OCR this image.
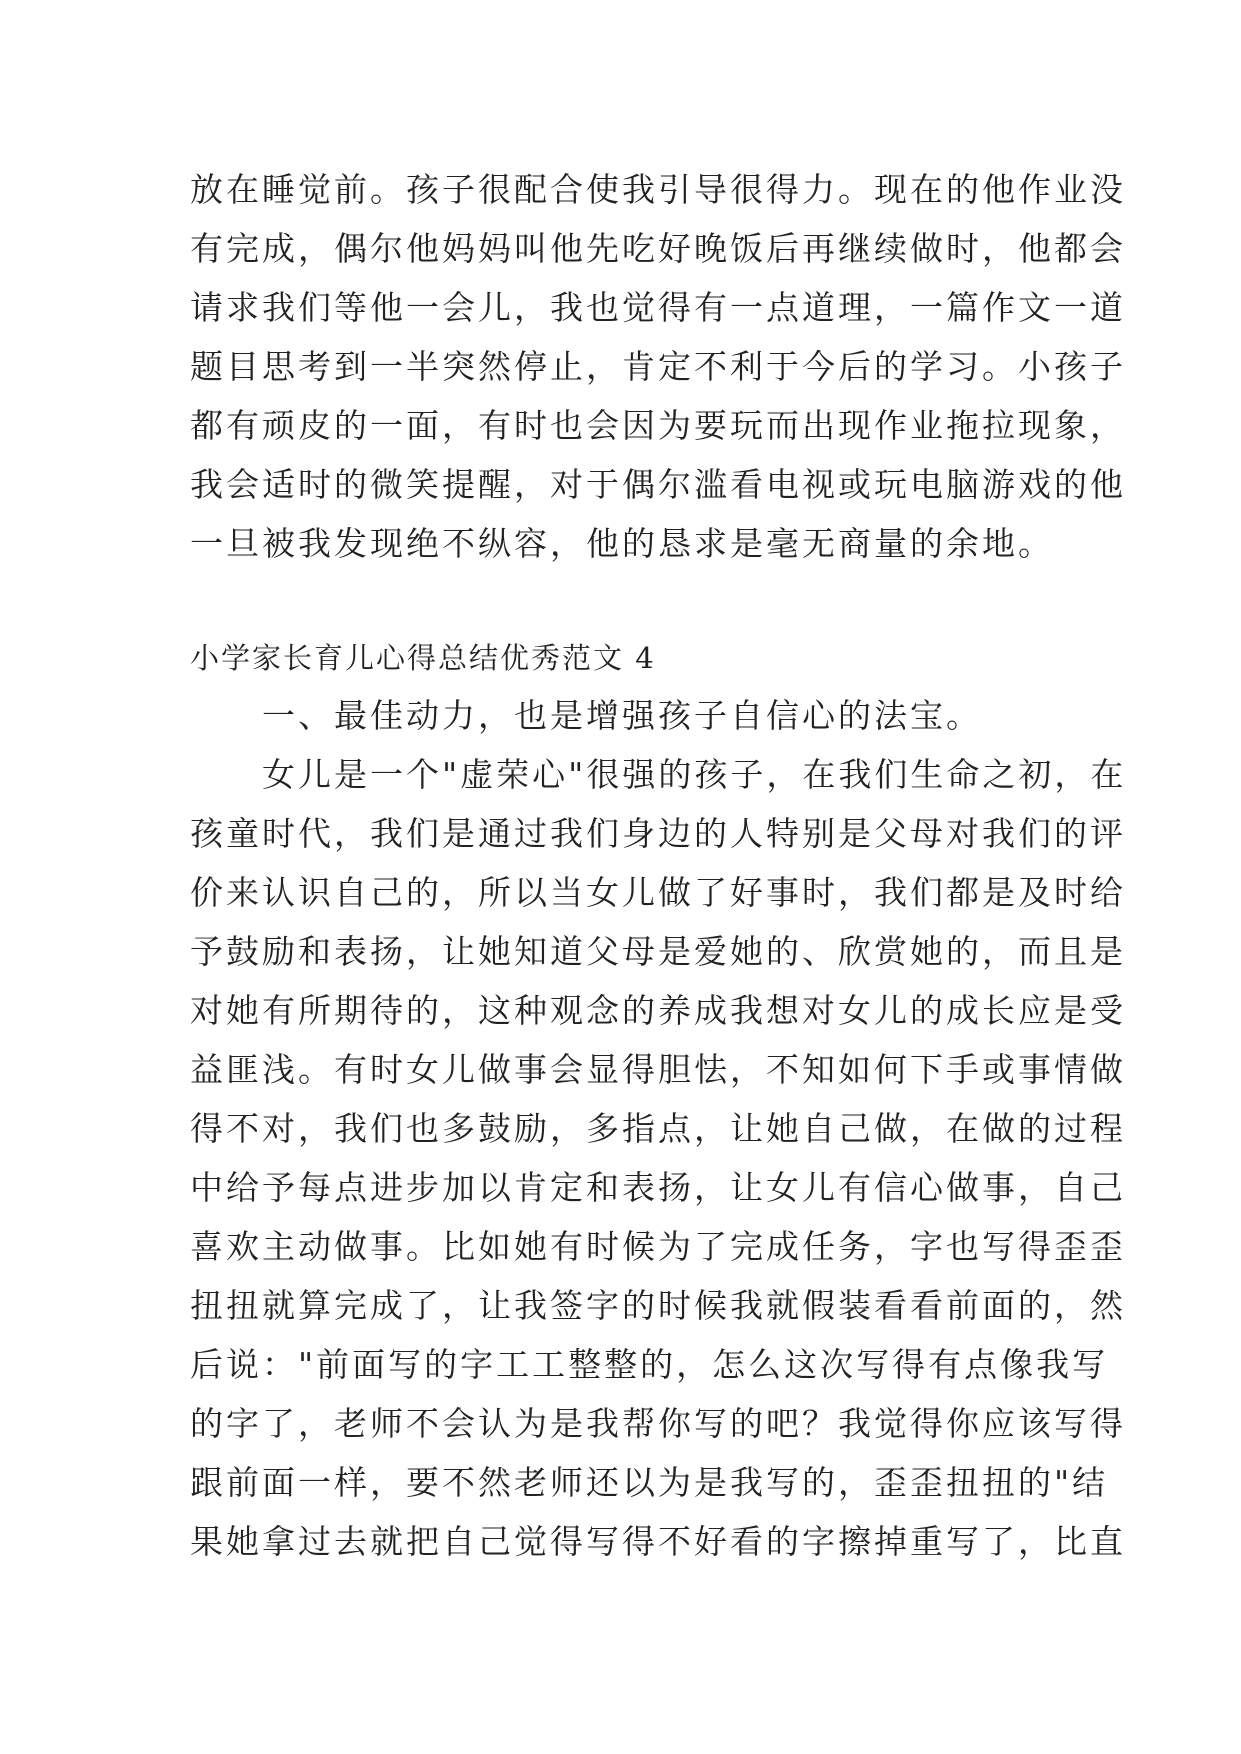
放在睡觉前。孩子很配合使我引导很得力。现在的他作业没
有完成，偶尔他妈妈叫他先吃好晚饭后再继续做时，他都会
请求我们等他一会儿，我也觉得有一点道理，一篇作文一道
题目思考到一半突然停止，肯定不利于今后的学习。小孩子
都有顽皮的一面，有时也会因为要玩而出现作业拖拉现象，
我会适时的微笑提醒，对于偶尔滥看电视或玩电脑游戏的他
一旦被我发现绝不纵容，他的恳求是毫无商量的余地。
小学家长育儿心得总结优秀范文 4
　　一、最佳动力，也是增强孩子自信心的法宝。
　　女儿是一个"虚荣心"很强的孩子，在我们生命之初，在
孩童时代，我们是通过我们身边的人特别是父母对我们的评
价来认识自己的，所以当女儿做了好事时，我们都是及时给
予鼓励和表扬，让她知道父母是爱她的、欣赏她的，而且是
对她有所期待的，这种观念的养成我想对女儿的成长应是受
益匪浅。有时女儿做事会显得胆怯，不知如何下手或事情做
得不对，我们也多鼓励，多指点，让她自己做，在做的过程
中给予每点进步加以肯定和表扬，让女儿有信心做事，自己
喜欢主动做事。比如她有时候为了完成任务，字也写得歪歪
扭扭就算完成了，让我签字的时候我就假装看看前面的，然
后说："前面写的字工工整整的，怎么这次写得有点像我写
的字了，老师不会认为是我帮你写的吧？我觉得你应该写得
跟前面一样，要不然老师还以为是我写的，歪歪扭扭的"结
果她拿过去就把自己觉得写得不好看的字擦掉重写了，比直
